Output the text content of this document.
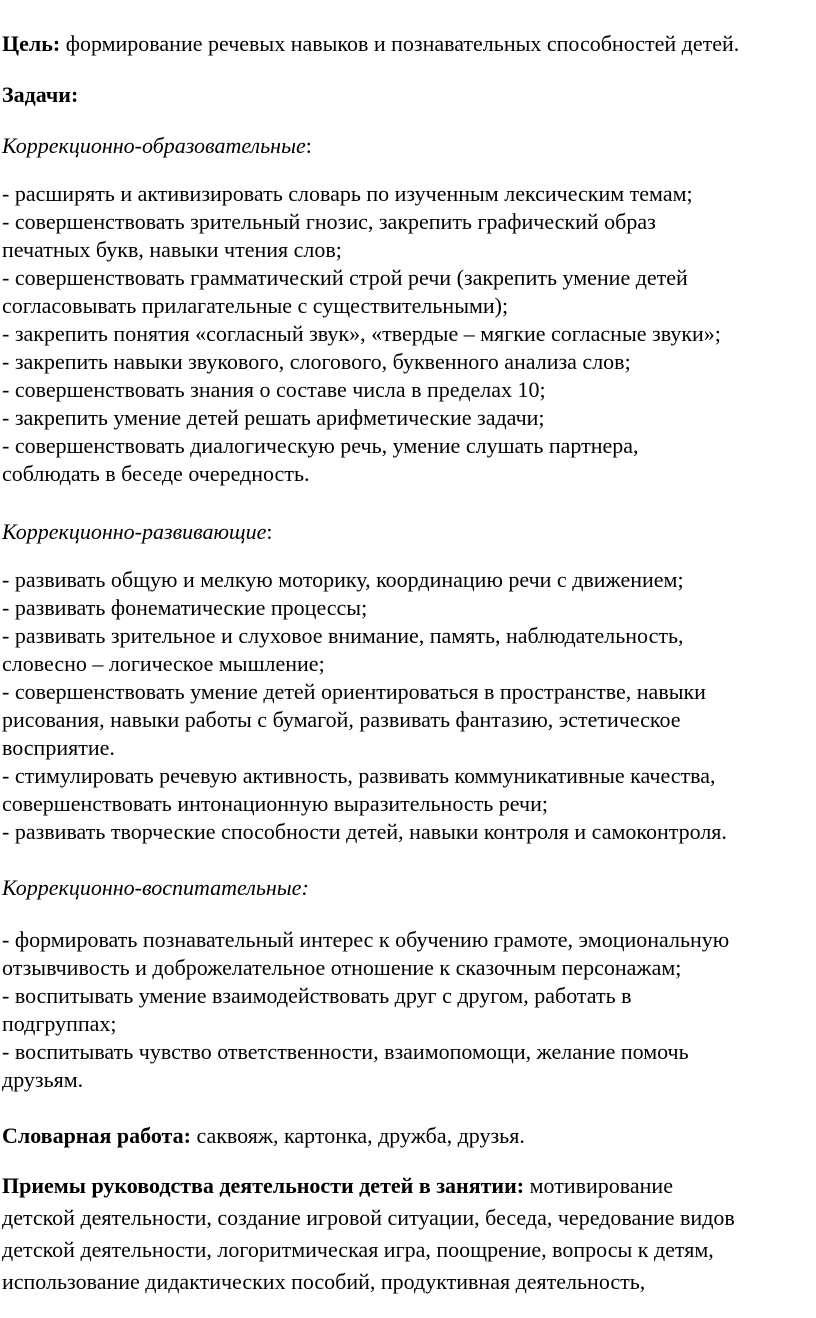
Цель: формирование речевых навыков и познавательных способностей детей.
Задачи:
Коррекционно-образовательные:
- расширять и активизировать словарь по изученным лексическим темам;
- совершенствовать зрительный гнозис, закрепить графический образ
печатных букв, навыки чтения слов;
- совершенствовать грамматический строй речи (закрепить умение детей
согласовывать прилагательные с существительными);
- закрепить понятия «согласный звук», «твердые – мягкие согласные звуки»;
- закрепить навыки звукового, слогового, буквенного анализа слов;
- совершенствовать знания о составе числа в пределах 10;
- закрепить умение детей решать арифметические задачи;
- совершенствовать диалогическую речь, умение слушать партнера,
соблюдать в беседе очередность.
Коррекционно-развивающие:
- развивать общую и мелкую моторику, координацию речи с движением;
- развивать фонематические процессы;
- развивать зрительное и слуховое внимание, память, наблюдательность,
словесно – логическое мышление;
- совершенствовать умение детей ориентироваться в пространстве, навыки
рисования, навыки работы с бумагой, развивать фантазию, эстетическое
восприятие.
- стимулировать речевую активность, развивать коммуникативные качества,
совершенствовать интонационную выразительность речи;
- развивать творческие способности детей, навыки контроля и самоконтроля.
Коррекционно-воспитательные:
- формировать познавательный интерес к обучению грамоте, эмоциональную
отзывчивость и доброжелательное отношение к сказочным персонажам;
- воспитывать умение взаимодействовать друг с другом, работать в
подгруппах;
- воспитывать чувство ответственности, взаимопомощи, желание помочь
друзьям.
Словарная работа: саквояж, картонка, дружба, друзья.
Приемы руководства деятельности детей в занятии: мотивирование
детской деятельности, создание игровой ситуации, беседа, чередование видов
детской деятельности, логоритмическая игра, поощрение, вопросы к детям,
использование дидактических пособий, продуктивная деятельность,
